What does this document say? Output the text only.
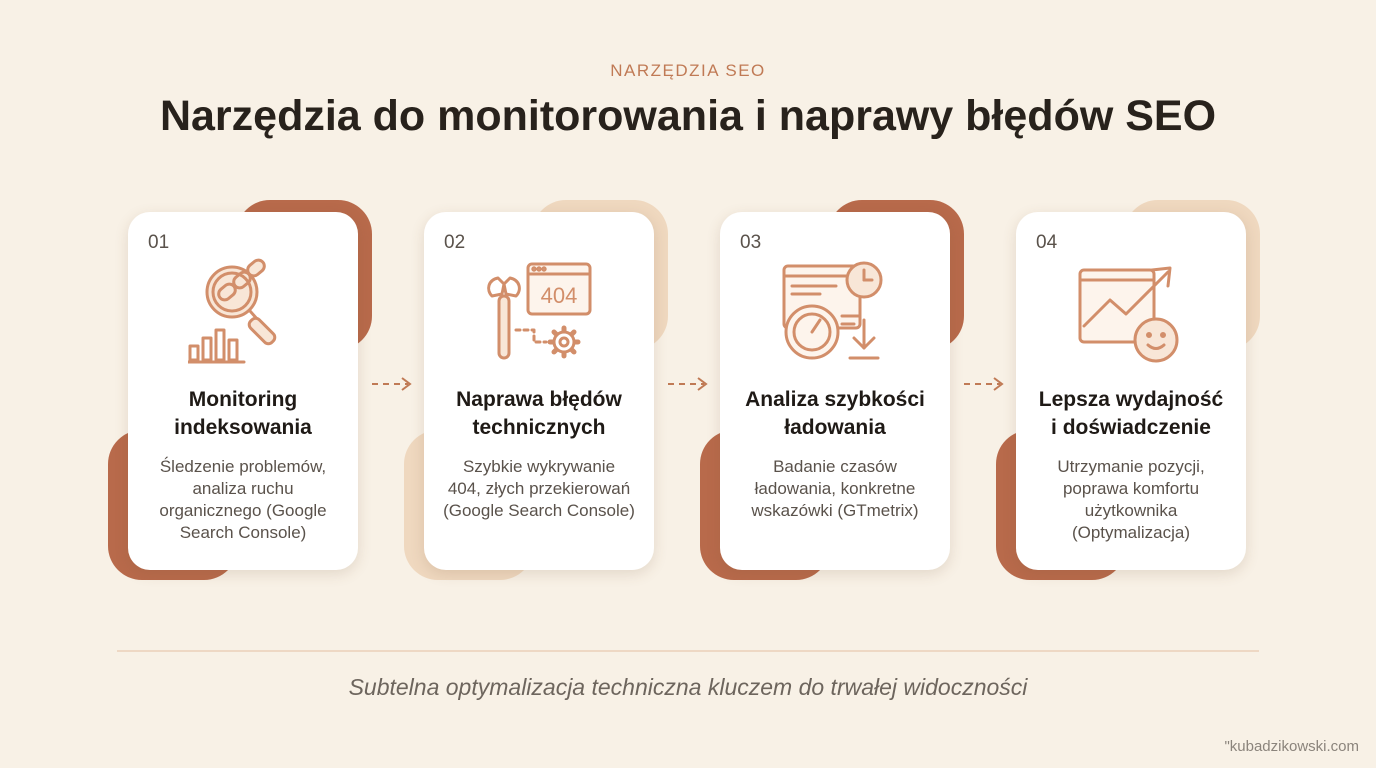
NARZĘDZIA SEO
Narzędzia do monitorowania i naprawy błędów SEO
01
Monitoring
indeksowania
Śledzenie problemów,
analiza ruchu
organicznego (Google
Search Console)
02
404
Naprawa błędów
technicznych
Szybkie wykrywanie
404, złych przekierowań
(Google Search Console)
03
Analiza szybkości
ładowania
Badanie czasów
ładowania, konkretne
wskazówki (GTmetrix)
04
Lepsza wydajność
i doświadczenie
Utrzymanie pozycji,
poprawa komfortu
użytkownika
(Optymalizacja)
Subtelna optymalizacja techniczna kluczem do trwałej widoczności
"kubadzikowski.com
